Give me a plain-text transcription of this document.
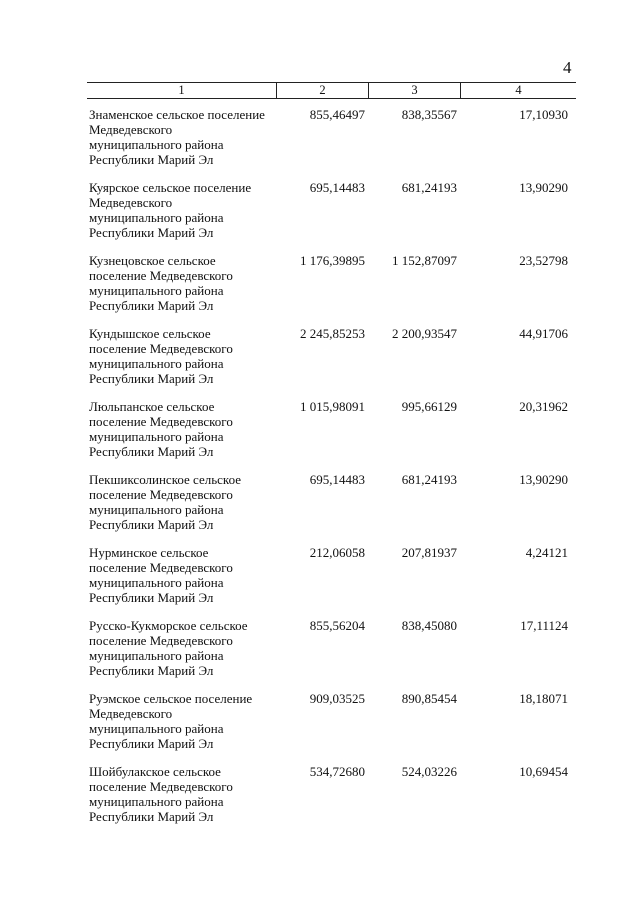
4
1	2	3	4
Знаменское сельское поселение
Медведевского
муниципального района
Республики Марий Эл
855,46497	838,35567	17,10930
Куярское сельское поселение
Медведевского
муниципального района
Республики Марий Эл
695,14483	681,24193	13,90290
Кузнецовское сельское
поселение Медведевского
муниципального района
Республики Марий Эл
1 176,39895	1 152,87097	23,52798
Кундышское сельское
поселение Медведевского
муниципального района
Республики Марий Эл
2 245,85253	2 200,93547	44,91706
Люльпанское сельское
поселение Медведевского
муниципального района
Республики Марий Эл
1 015,98091	995,66129	20,31962
Пекшиксолинское сельское
поселение Медведевского
муниципального района
Республики Марий Эл
695,14483	681,24193	13,90290
Нурминское сельское
поселение Медведевского
муниципального района
Республики Марий Эл
212,06058	207,81937	4,24121
Русско-Кукморское сельское
поселение Медведевского
муниципального района
Республики Марий Эл
855,56204	838,45080	17,11124
Руэмское сельское поселение
Медведевского
муниципального района
Республики Марий Эл
909,03525	890,85454	18,18071
Шойбулакское сельское
поселение Медведевского
муниципального района
Республики Марий Эл
534,72680	524,03226	10,69454
